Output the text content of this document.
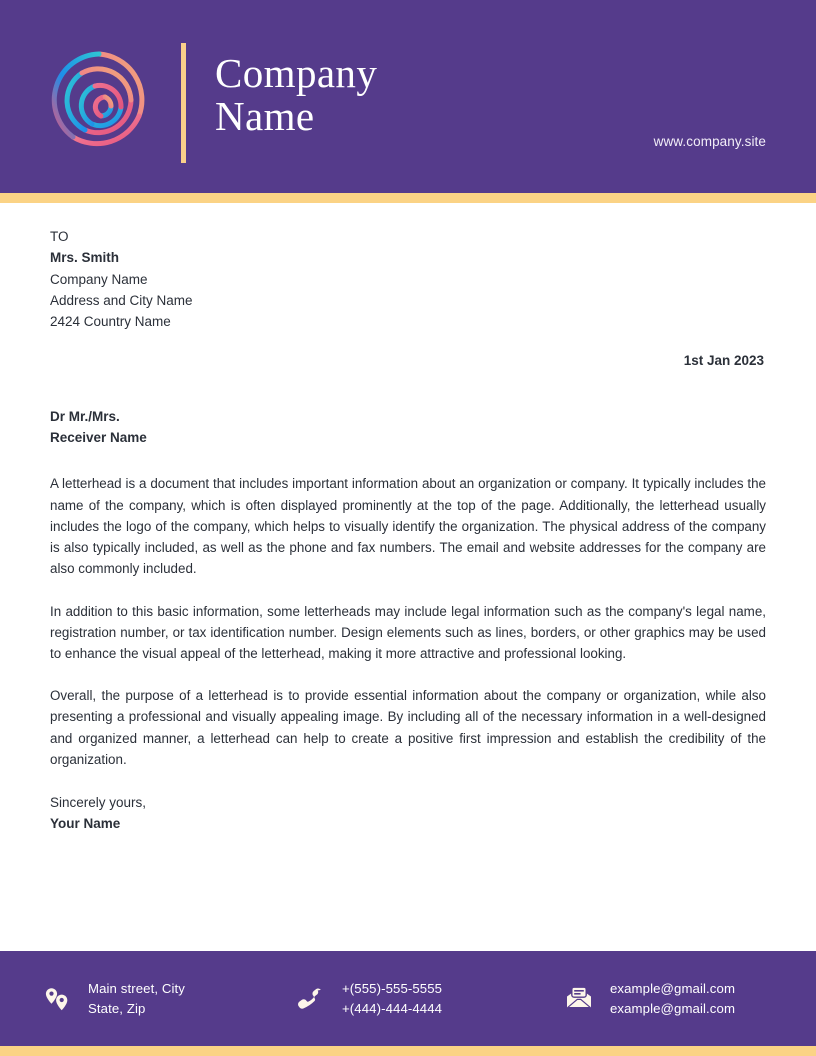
Company
Name
www.company.site
TO
Mrs. Smith
Company Name
Address and City Name
2424 Country Name
1st Jan 2023
Dr Mr./Mrs.
Receiver Name

A letterhead is a document that includes important information about an organization or company. It typically includes the name of the company, which is often displayed prominently at the top of the page. Additionally, the letterhead usually includes the logo of the company, which helps to visually identify the organization. The physical address of the company is also typically included, as well as the phone and fax numbers. The email and website addresses for the company are also commonly included.

In addition to this basic information, some letterheads may include legal information such as the company's legal name, registration number, or tax identification number. Design elements such as lines, borders, or other graphics may be used to enhance the visual appeal of the letterhead, making it more attractive and professional looking.

Overall, the purpose of a letterhead is to provide essential information about the company or organization, while also presenting a professional and visually appealing image. By including all of the necessary information in a well-designed and organized manner, a letterhead can help to create a positive first impression and establish the credibility of the organization.

Sincerely yours,
Your Name
Main street, City
State, Zip
+(555)-555-5555
+(444)-444-4444
example@gmail.com
example@gmail.com
